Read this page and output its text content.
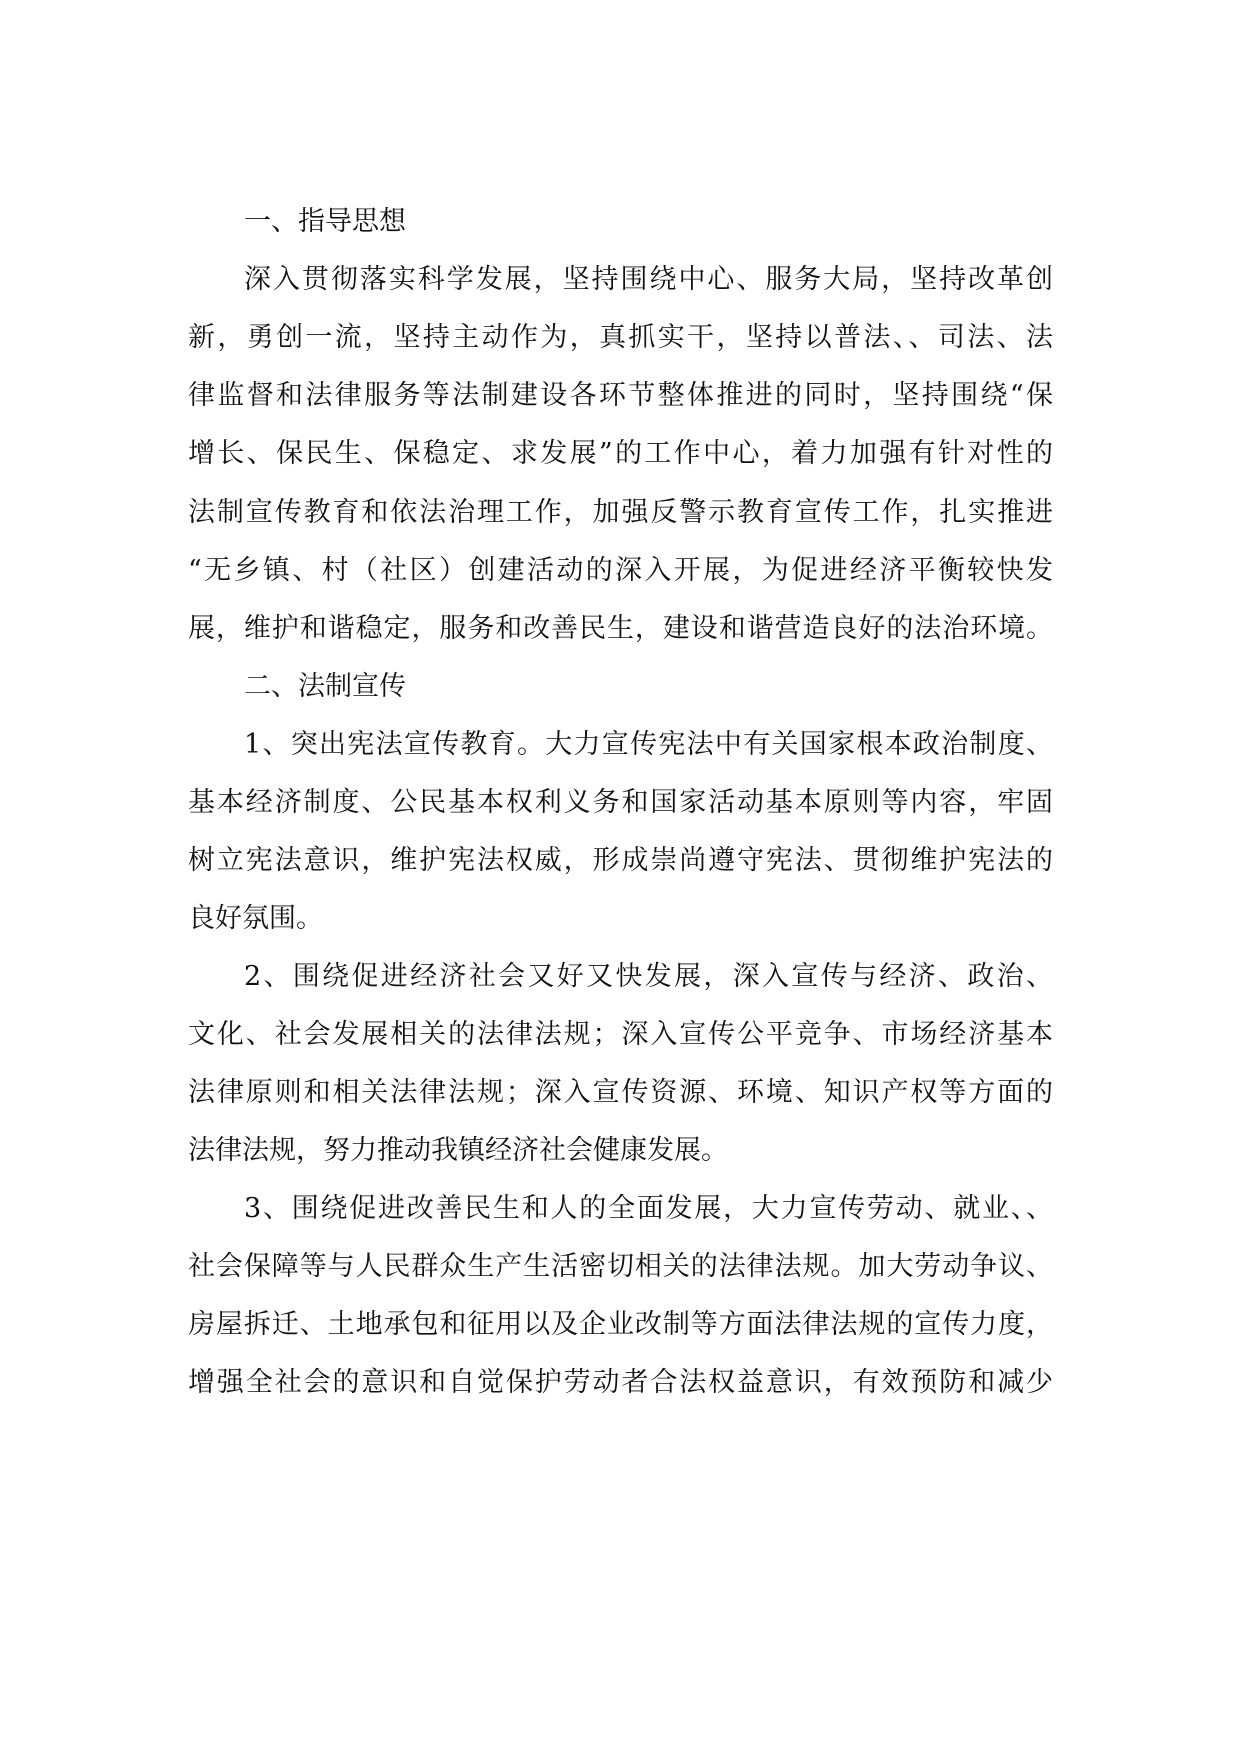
一、指导思想
深入贯彻落实科学发展，坚持围绕中心、服务大局，坚持改革创
新，勇创一流，坚持主动作为，真抓实干，坚持以普法、、司法、法
律监督和法律服务等法制建设各环节整体推进的同时，坚持围绕“保
增长、保民生、保稳定、求发展”的工作中心，着力加强有针对性的
法制宣传教育和依法治理工作，加强反警示教育宣传工作，扎实推进
“无乡镇、村（社区）创建活动的深入开展，为促进经济平衡较快发
展，维护和谐稳定，服务和改善民生，建设和谐营造良好的法治环境。
二、法制宣传
1、突出宪法宣传教育。大力宣传宪法中有关国家根本政治制度、
基本经济制度、公民基本权利义务和国家活动基本原则等内容，牢固
树立宪法意识，维护宪法权威，形成崇尚遵守宪法、贯彻维护宪法的
良好氛围。
2、围绕促进经济社会又好又快发展，深入宣传与经济、政治、
文化、社会发展相关的法律法规；深入宣传公平竞争、市场经济基本
法律原则和相关法律法规；深入宣传资源、环境、知识产权等方面的
法律法规，努力推动我镇经济社会健康发展。
3、围绕促进改善民生和人的全面发展，大力宣传劳动、就业、、
社会保障等与人民群众生产生活密切相关的法律法规。加大劳动争议、
房屋拆迁、土地承包和征用以及企业改制等方面法律法规的宣传力度，
增强全社会的意识和自觉保护劳动者合法权益意识，有效预防和减少
